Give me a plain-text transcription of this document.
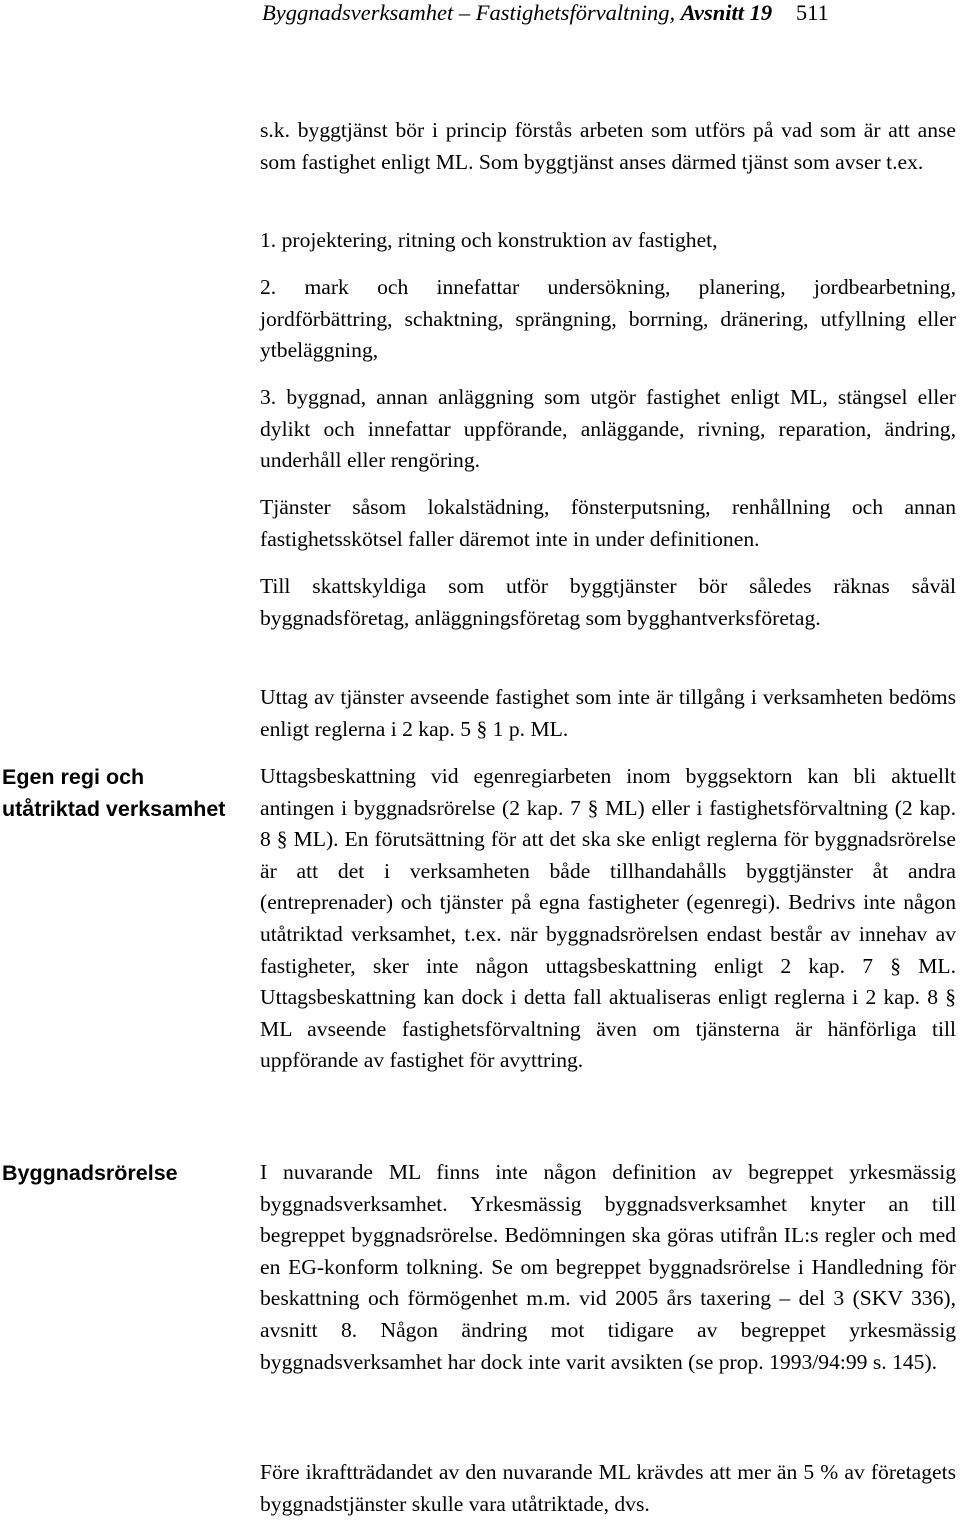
Byggnadsverksamhet – Fastighetsförvaltning, Avsnitt 19 511
Egen regi och utåtriktad verksamhet
Byggnadsrörelse
s.k. byggtjänst bör i princip förstås arbeten som utförs på vad som är att anse som fastighet enligt ML. Som byggtjänst anses därmed tjänst som avser t.ex.
1. projektering, ritning och konstruktion av fastighet,
2. mark och innefattar undersökning, planering, jordbearbetning, jordförbättring, schaktning, sprängning, borrning, dränering, utfyllning eller ytbeläggning,
3. byggnad, annan anläggning som utgör fastighet enligt ML, stängsel eller dylikt och innefattar uppförande, anläggande, rivning, reparation, ändring, underhåll eller rengöring.
Tjänster såsom lokalstädning, fönsterputsning, renhållning och annan fastighetsskötsel faller däremot inte in under definitionen.
Till skattskyldiga som utför byggtjänster bör således räknas såväl byggnadsföretag, anläggningsföretag som bygghantverksföretag.
Uttag av tjänster avseende fastighet som inte är tillgång i verksamheten bedöms enligt reglerna i 2 kap. 5 § 1 p. ML.
Uttagsbeskattning vid egenregiarbeten inom byggsektorn kan bli aktuellt antingen i byggnadsrörelse (2 kap. 7 § ML) eller i fastighetsförvaltning (2 kap. 8 § ML). En förutsättning för att det ska ske enligt reglerna för byggnadsrörelse är att det i verksamheten både tillhandahålls byggtjänster åt andra (entreprenader) och tjänster på egna fastigheter (egenregi). Bedrivs inte någon utåtriktad verksamhet, t.ex. när byggnadsrörelsen endast består av innehav av fastigheter, sker inte någon uttagsbeskattning enligt 2 kap. 7 § ML. Uttagsbeskattning kan dock i detta fall aktualiseras enligt reglerna i 2 kap. 8 § ML avseende fastighetsförvaltning även om tjänsterna är hänförliga till uppförande av fastighet för avyttring.
I nuvarande ML finns inte någon definition av begreppet yrkesmässig byggnadsverksamhet. Yrkesmässig byggnadsverksamhet knyter an till begreppet byggnadsrörelse. Bedömningen ska göras utifrån IL:s regler och med en EG-konform tolkning. Se om begreppet byggnadsrörelse i Handledning för beskattning och förmögenhet m.m. vid 2005 års taxering – del 3 (SKV 336), avsnitt 8. Någon ändring mot tidigare av begreppet yrkesmässig byggnadsverksamhet har dock inte varit avsikten (se prop. 1993/94:99 s. 145).
Före ikraftträdandet av den nuvarande ML krävdes att mer än 5 % av företagets byggnadstjänster skulle vara utåtriktade, dvs.
